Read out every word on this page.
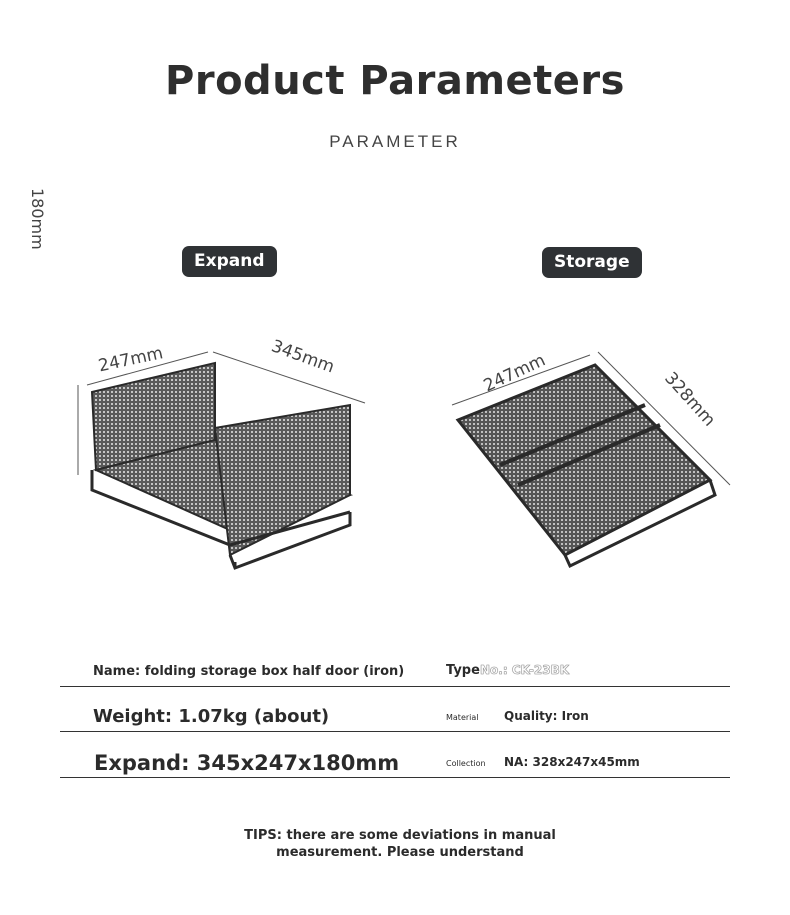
Product Parameters
PARAMETER
Expand	Storage
247mm	345mm
180mm
247mm	328mm
Name: folding storage box half door (iron)	Type No.: CK-23BK
Weight: 1.07kg (about)	Material Quality: Iron
Expand: 345x247x180mm	Collection NA: 328x247x45mm
TIPS: there are some deviations in manual
measurement. Please understand
